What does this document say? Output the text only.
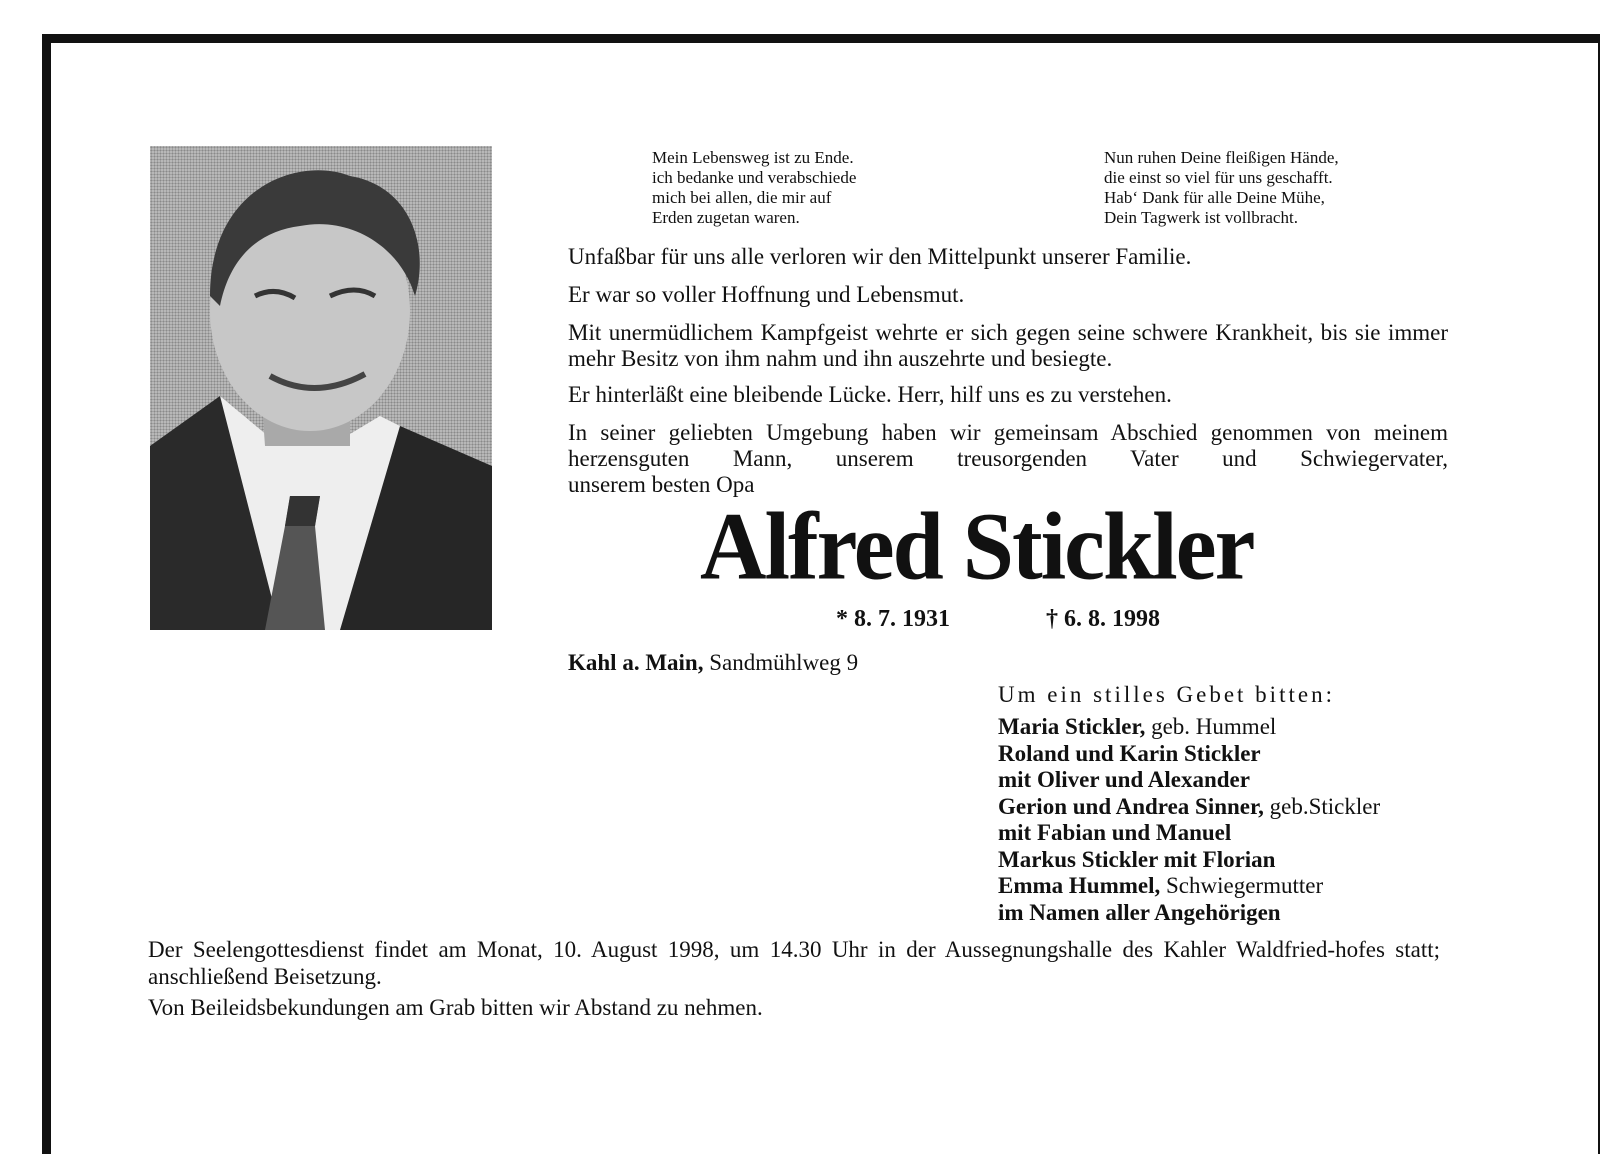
Mein Lebensweg ist zu Ende.
ich bedanke und verabschiede
mich bei allen, die mir auf
Erden zugetan waren.
Nun ruhen Deine fleißigen Hände,
die einst so viel für uns geschafft.
Hab‘ Dank für alle Deine Mühe,
Dein Tagwerk ist vollbracht.
Unfaßbar für uns alle verloren wir den Mittelpunkt unserer Familie.
Er war so voller Hoffnung und Lebensmut.
Mit unermüdlichem Kampfgeist wehrte er sich gegen seine schwere Krankheit, bis sie immer mehr Besitz von ihm nahm und ihn auszehrte und besiegte.
Er hinterläßt eine bleibende Lücke. Herr, hilf uns es zu verstehen.
In seiner geliebten Umgebung haben wir gemeinsam Abschied genommen von meinem herzensguten Mann, unserem treusorgenden Vater und Schwiegervater,
unserem besten Opa
Alfred Stickler
* 8. 7. 1931	† 6. 8. 1998
Kahl a. Main, Sandmühlweg 9
Um ein stilles Gebet bitten:
Maria Stickler, geb. Hummel
Roland und Karin Stickler
mit Oliver und Alexander
Gerion und Andrea Sinner, geb.Stickler
mit Fabian und Manuel
Markus Stickler mit Florian
Emma Hummel, Schwiegermutter
im Namen aller Angehörigen
Der Seelengottesdienst findet am Monat, 10. August 1998, um 14.30 Uhr in der Aussegnungshalle des Kahler Waldfried-hofes statt; anschließend Beisetzung.
Von Beileidsbekundungen am Grab bitten wir Abstand zu nehmen.
